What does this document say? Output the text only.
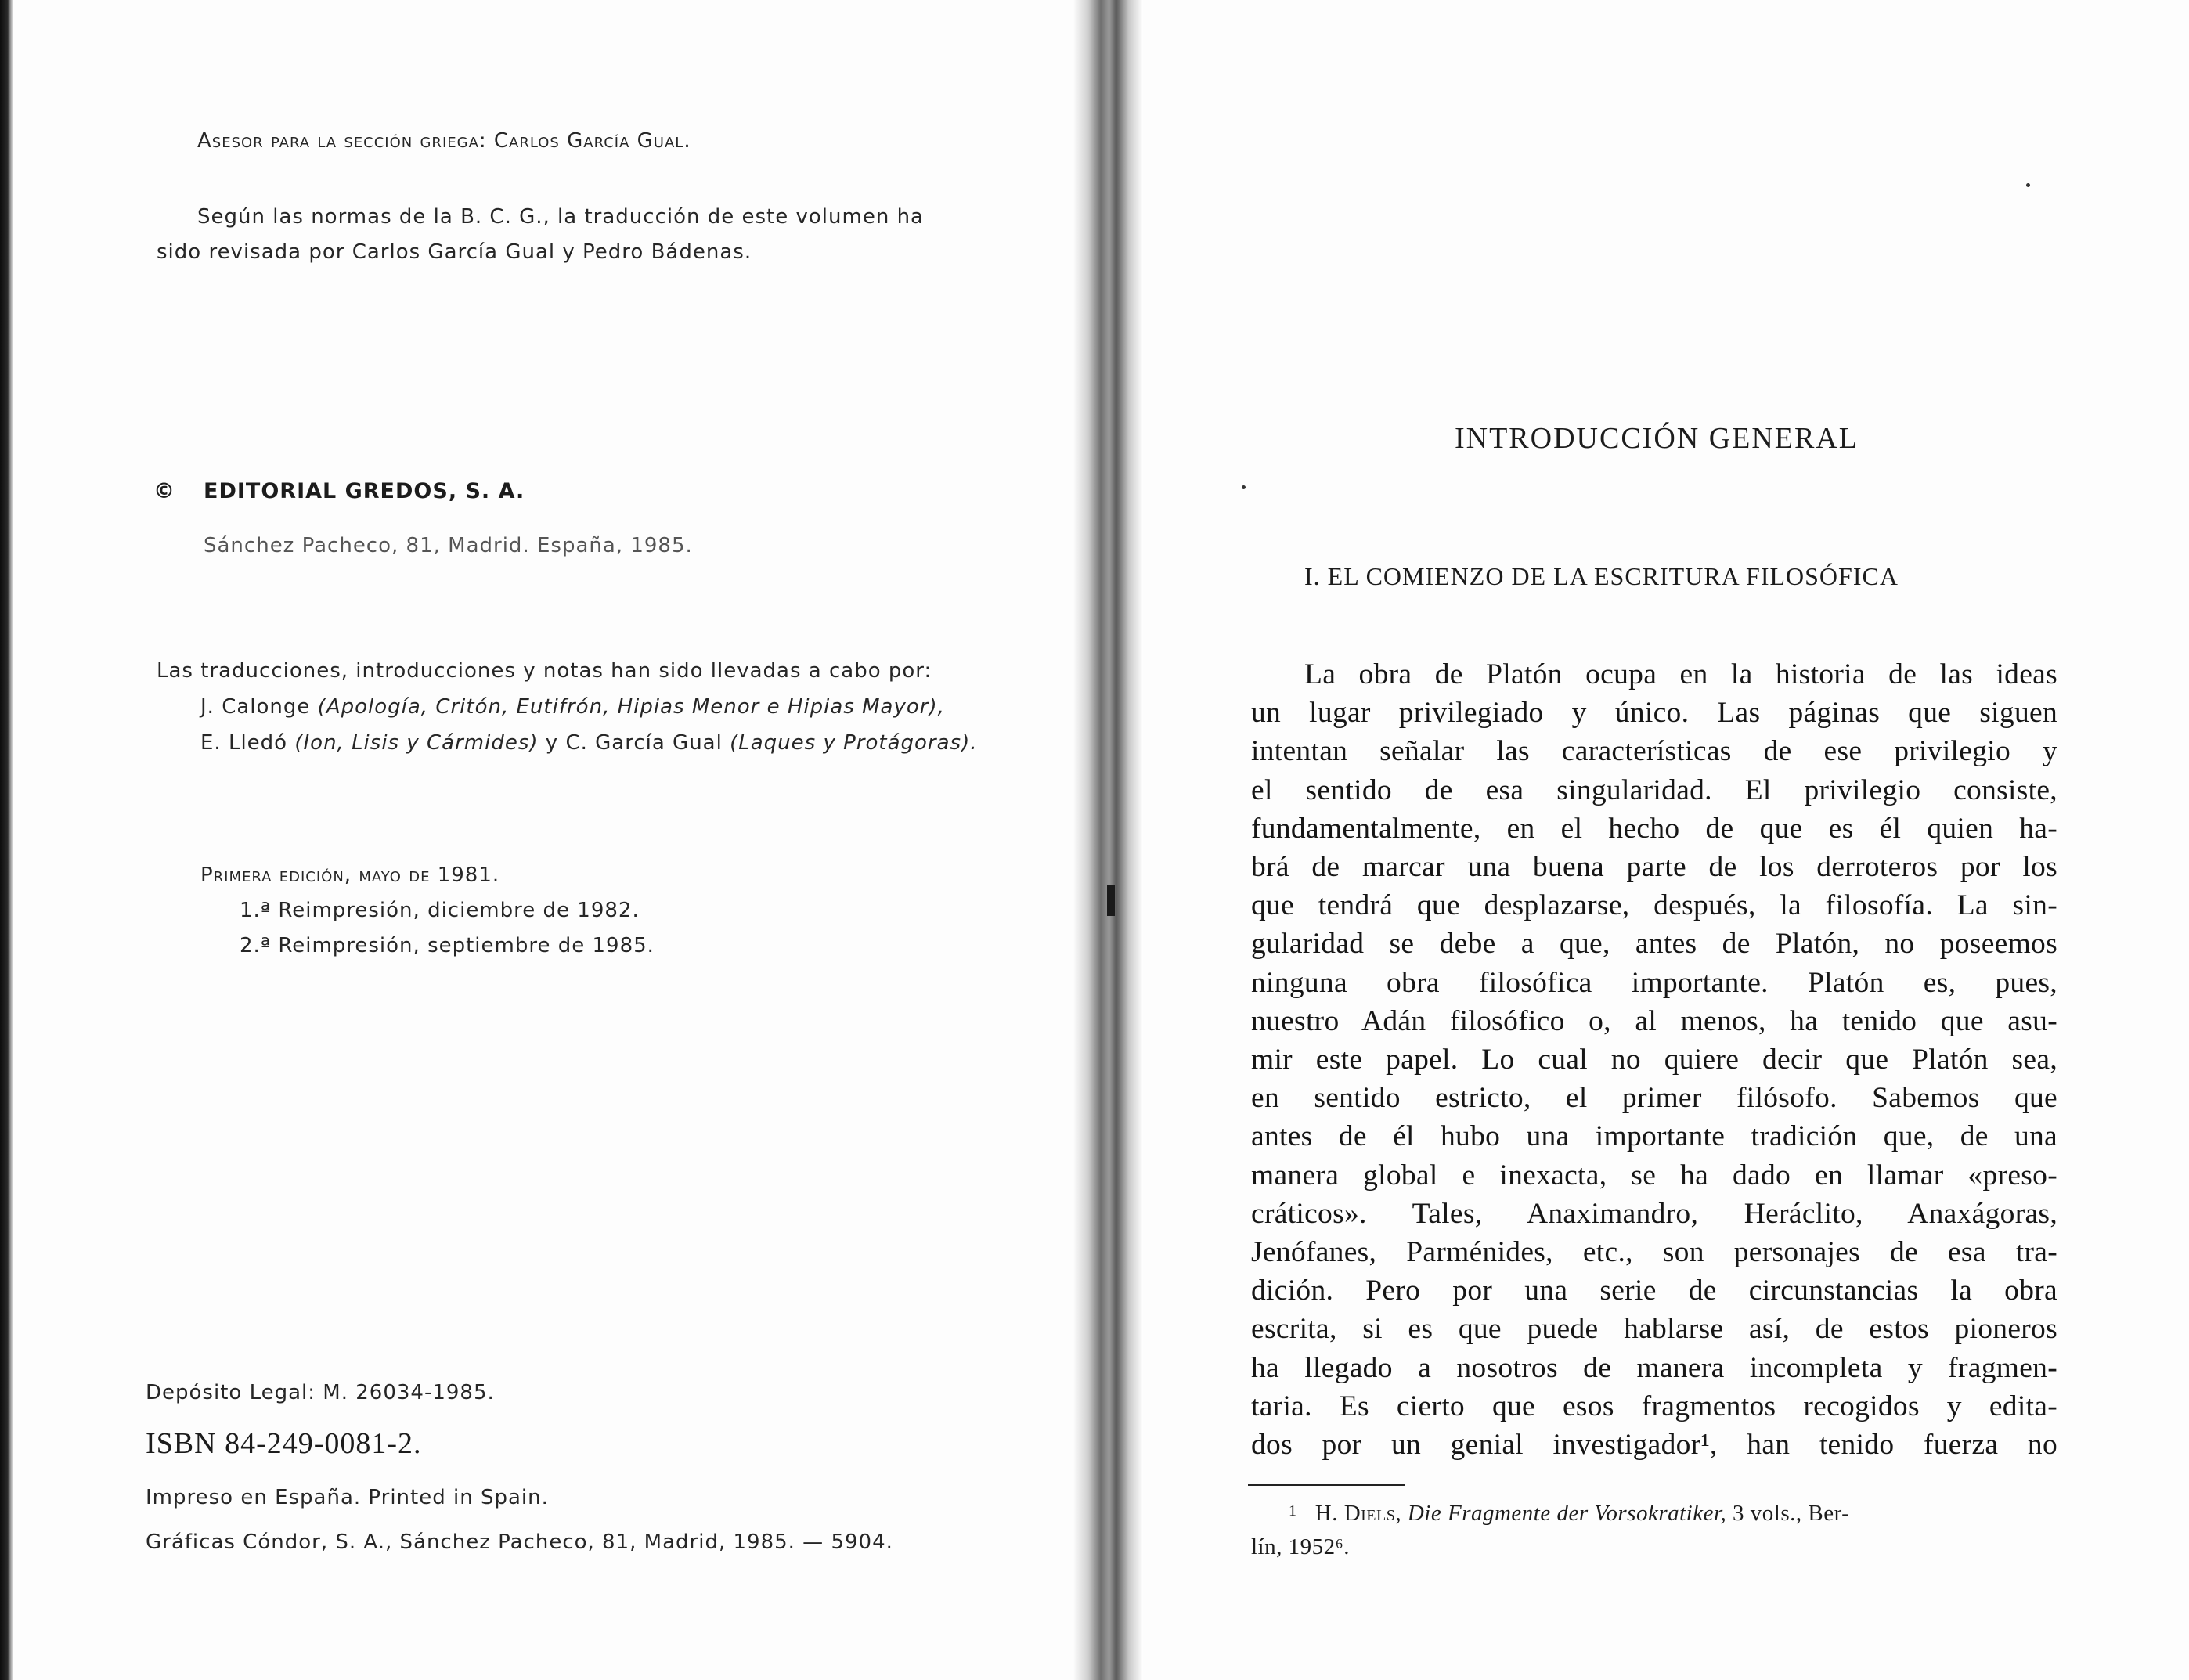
Asesor para la sección griega: Carlos García Gual.
Según las normas de la B. C. G., la traducción de este volumen ha
sido revisada por Carlos García Gual y Pedro Bádenas.
© EDITORIAL GREDOS, S. A.
Sánchez Pacheco, 81, Madrid. España, 1985.
Las traducciones, introducciones y notas han sido llevadas a cabo por:
J. Calonge (Apología, Critón, Eutifrón, Hipias Menor e Hipias Mayor),
E. Lledó (Ion, Lisis y Cármides) y C. García Gual (Laques y Protágoras).
Primera edición, mayo de 1981.
1.ª Reimpresión, diciembre de 1982.
2.ª Reimpresión, septiembre de 1985.
Depósito Legal: M. 26034-1985.
ISBN 84-249-0081-2.
Impreso en España. Printed in Spain.
Gráficas Cóndor, S. A., Sánchez Pacheco, 81, Madrid, 1985. — 5904.
INTRODUCCIÓN GENERAL
I. EL COMIENZO DE LA ESCRITURA FILOSÓFICA
La obra de Platón ocupa en la historia de las ideas
un lugar privilegiado y único. Las páginas que siguen
intentan señalar las características de ese privilegio y
el sentido de esa singularidad. El privilegio consiste,
fundamentalmente, en el hecho de que es él quien ha-
brá de marcar una buena parte de los derroteros por los
que tendrá que desplazarse, después, la filosofía. La sin-
gularidad se debe a que, antes de Platón, no poseemos
ninguna obra filosófica importante. Platón es, pues,
nuestro Adán filosófico o, al menos, ha tenido que asu-
mir este papel. Lo cual no quiere decir que Platón sea,
en sentido estricto, el primer filósofo. Sabemos que
antes de él hubo una importante tradición que, de una
manera global e inexacta, se ha dado en llamar «preso-
cráticos». Tales, Anaximandro, Heráclito, Anaxágoras,
Jenófanes, Parménides, etc., son personajes de esa tra-
dición. Pero por una serie de circunstancias la obra
escrita, si es que puede hablarse así, de estos pioneros
ha llegado a nosotros de manera incompleta y fragmen-
taria. Es cierto que esos fragmentos recogidos y edita-
dos por un genial investigador¹, han tenido fuerza no
$^1$ H. Diels, Die Fragmente der Vorsokratiker, 3 vols., Ber-
lín, 1952⁶.
